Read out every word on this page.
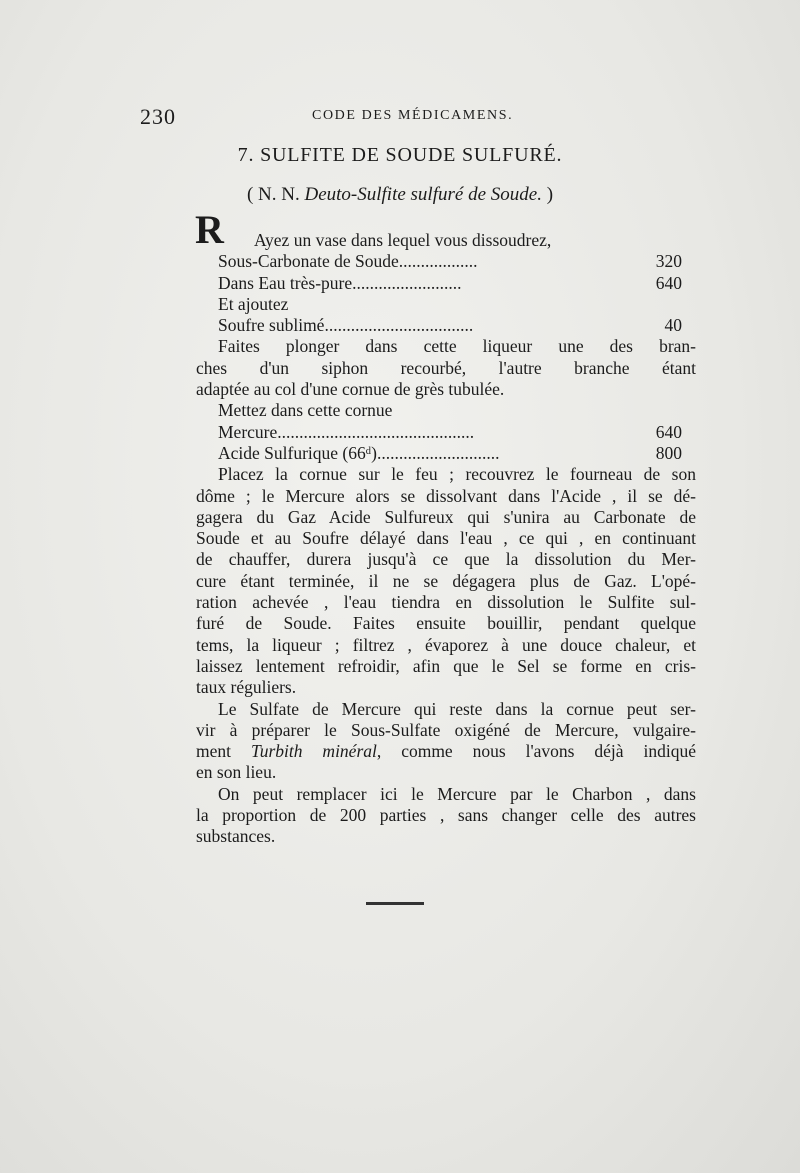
230	CODE DES MÉDICAMENS.
7. SULFITE DE SOUDE SULFURÉ.
( N. N. Deuto-Sulfite sulfuré de Soude. )
R	Ayez un vase dans lequel vous dissoudrez,
Sous-Carbonate de Soude..................	320
Dans Eau très-pure.........................	640
Et ajoutez
Soufre sublimé..................................	40
Faites plonger dans cette liqueur une des bran-
ches d'un siphon recourbé, l'autre branche étant
adaptée au col d'une cornue de grès tubulée.
Mettez dans cette cornue
Mercure.............................................	640
Acide Sulfurique (66ᵈ)............................	800
Placez la cornue sur le feu ; recouvrez le fourneau de son
dôme ; le Mercure alors se dissolvant dans l'Acide , il se dé-
gagera du Gaz Acide Sulfureux qui s'unira au Carbonate de
Soude et au Soufre délayé dans l'eau , ce qui , en continuant
de chauffer, durera jusqu'à ce que la dissolution du Mer-
cure étant terminée, il ne se dégagera plus de Gaz. L'opé-
ration achevée , l'eau tiendra en dissolution le Sulfite sul-
furé de Soude. Faites ensuite bouillir, pendant quelque
tems, la liqueur ; filtrez , évaporez à une douce chaleur, et
laissez lentement refroidir, afin que le Sel se forme en cris-
taux réguliers.
Le Sulfate de Mercure qui reste dans la cornue peut ser-
vir à préparer le Sous-Sulfate oxigéné de Mercure, vulgaire-
ment Turbith minéral, comme nous l'avons déjà indiqué
en son lieu.
On peut remplacer ici le Mercure par le Charbon , dans
la proportion de 200 parties , sans changer celle des autres
substances.
